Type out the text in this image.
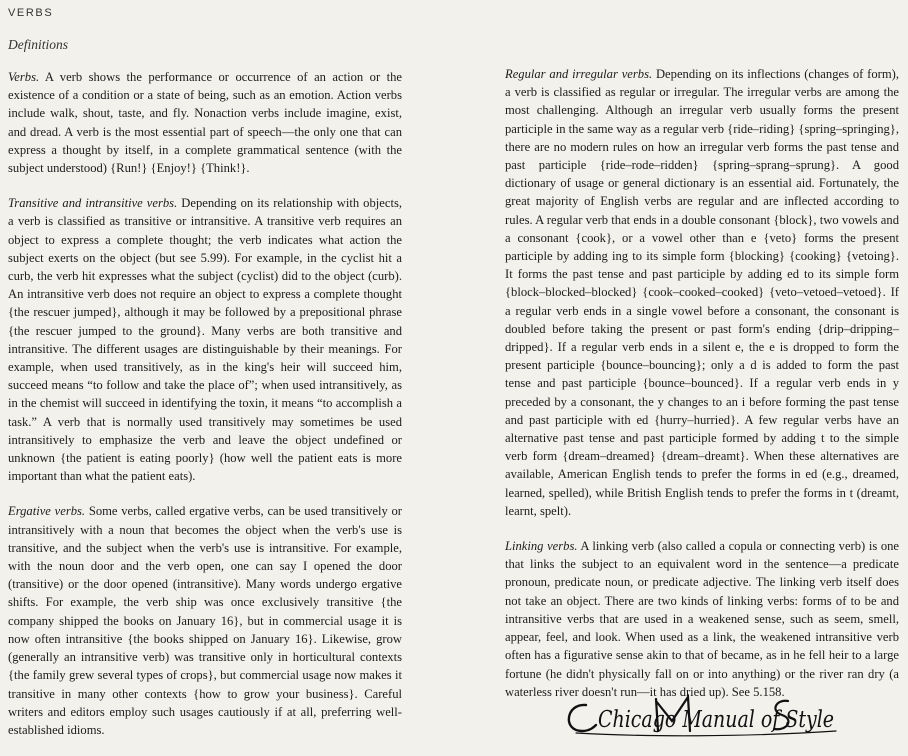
VERBS
Definitions

Verbs. A verb shows the performance or occurrence of an action or the existence of a condition or a state of being, such as an emotion. Action verbs include walk, shout, taste, and fly. Nonaction verbs include imagine, exist, and dread. A verb is the most essential part of speech—the only one that can express a thought by itself, in a complete grammatical sentence (with the subject understood) {Run!} {Enjoy!} {Think!}.

Transitive and intransitive verbs. Depending on its relationship with objects, a verb is classified as transitive or intransitive. A transitive verb requires an object to express a complete thought; the verb indicates what action the subject exerts on the object (but see 5.99). For example, in the cyclist hit a curb, the verb hit expresses what the subject (cyclist) did to the object (curb). An intransitive verb does not require an object to express a complete thought {the rescuer jumped}, although it may be followed by a prepositional phrase {the rescuer jumped to the ground}. Many verbs are both transitive and intransitive. The different usages are distinguishable by their meanings. For example, when used transitively, as in the king's heir will succeed him, succeed means “to follow and take the place of”; when used intransitively, as in the chemist will succeed in identifying the toxin, it means “to accomplish a task.” A verb that is normally used transitively may sometimes be used intransitively to emphasize the verb and leave the object undefined or unknown {the patient is eating poorly} (how well the patient eats is more important than what the patient eats).

Ergative verbs. Some verbs, called ergative verbs, can be used transitively or intransitively with a noun that becomes the object when the verb's use is transitive, and the subject when the verb's use is intransitive. For example, with the noun door and the verb open, one can say I opened the door (transitive) or the door opened (intransitive). Many words undergo ergative shifts. For example, the verb ship was once exclusively transitive {the company shipped the books on January 16}, but in commercial usage it is now often intransitive {the books shipped on January 16}. Likewise, grow (generally an intransitive verb) was transitive only in horticultural contexts {the family grew several types of crops}, but commercial usage now makes it transitive in many other contexts {how to grow your business}. Careful writers and editors employ such usages cautiously if at all, preferring well-established idioms.

Regular and irregular verbs. Depending on its inflections (changes of form), a verb is classified as regular or irregular. The irregular verbs are among the most challenging. Although an irregular verb usually forms the present participle in the same way as a regular verb {ride–riding} {spring–springing}, there are no modern rules on how an irregular verb forms the past tense and past participle {ride–rode–ridden} {spring–sprang–sprung}. A good dictionary of usage or general dictionary is an essential aid. Fortunately, the great majority of English verbs are regular and are inflected according to rules. A regular verb that ends in a double consonant {block}, two vowels and a consonant {cook}, or a vowel other than e {veto} forms the present participle by adding ing to its simple form {blocking} {cooking} {vetoing}. It forms the past tense and past participle by adding ed to its simple form {block–blocked–blocked} {cook–cooked–cooked} {veto–vetoed–vetoed}. If a regular verb ends in a single vowel before a consonant, the consonant is doubled before taking the present or past form's ending {drip–dripping–dripped}. If a regular verb ends in a silent e, the e is dropped to form the present participle {bounce–bouncing}; only a d is added to form the past tense and past participle {bounce–bounced}. If a regular verb ends in y preceded by a consonant, the y changes to an i before forming the past tense and past participle with ed {hurry–hurried}. A few regular verbs have an alternative past tense and past participle formed by adding t to the simple verb form {dream–dreamed} {dream–dreamt}. When these alternatives are available, American English tends to prefer the forms in ed (e.g., dreamed, learned, spelled), while British English tends to prefer the forms in t (dreamt, learnt, spelt).

Linking verbs. A linking verb (also called a copula or connecting verb) is one that links the subject to an equivalent word in the sentence—a predicate pronoun, predicate noun, or predicate adjective. The linking verb itself does not take an object. There are two kinds of linking verbs: forms of to be and intransitive verbs that are used in a weakened sense, such as seem, smell, appear, feel, and look. When used as a link, the weakened intransitive verb often has a figurative sense akin to that of became, as in he fell heir to a large fortune (he didn't physically fall on or into anything) or the river ran dry (a waterless river doesn't run—it has dried up). See 5.158.

Chicago Manual of Style
